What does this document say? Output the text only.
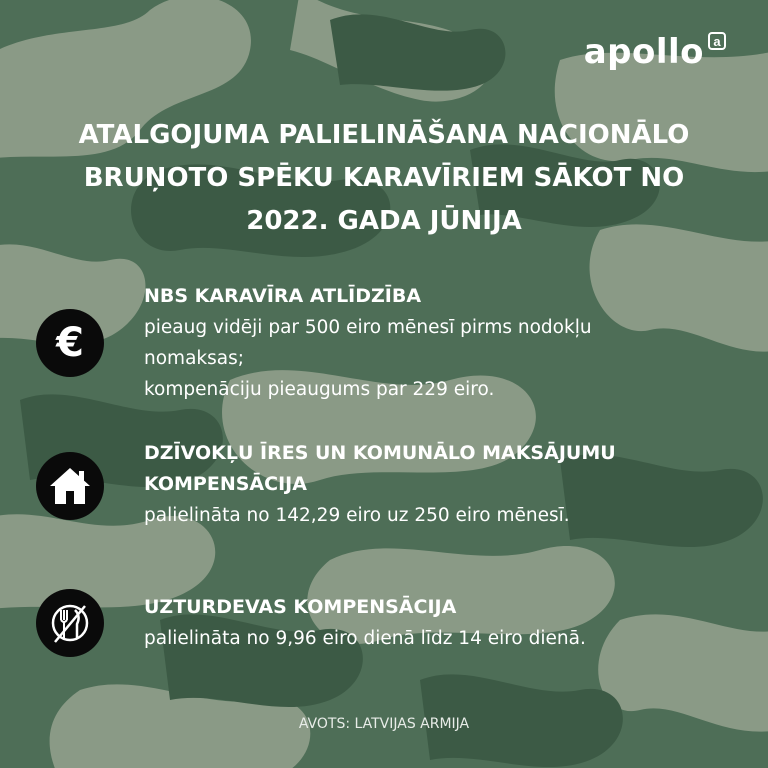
apollo a
ATALGOJUMA PALIELINĀŠANA NACIONĀLO
BRUŅOTO SPĒKU KARAVĪRIEM SĀKOT NO
2022. GADA JŪNIJA
€
NBS KARAVĪRA ATLĪDZĪBA
pieaug vidēji par 500 eiro mēnesī pirms nodokļu
nomaksas;
kompenāciju pieaugums par 229 eiro.
DZĪVOKĻU ĪRES UN KOMUNĀLO MAKSĀJUMU
KOMPENSĀCIJA
palielināta no 142,29 eiro uz 250 eiro mēnesī.
UZTURDEVAS KOMPENSĀCIJA
palielināta no 9,96 eiro dienā līdz 14 eiro dienā.
AVOTS: LATVIJAS ARMIJA
